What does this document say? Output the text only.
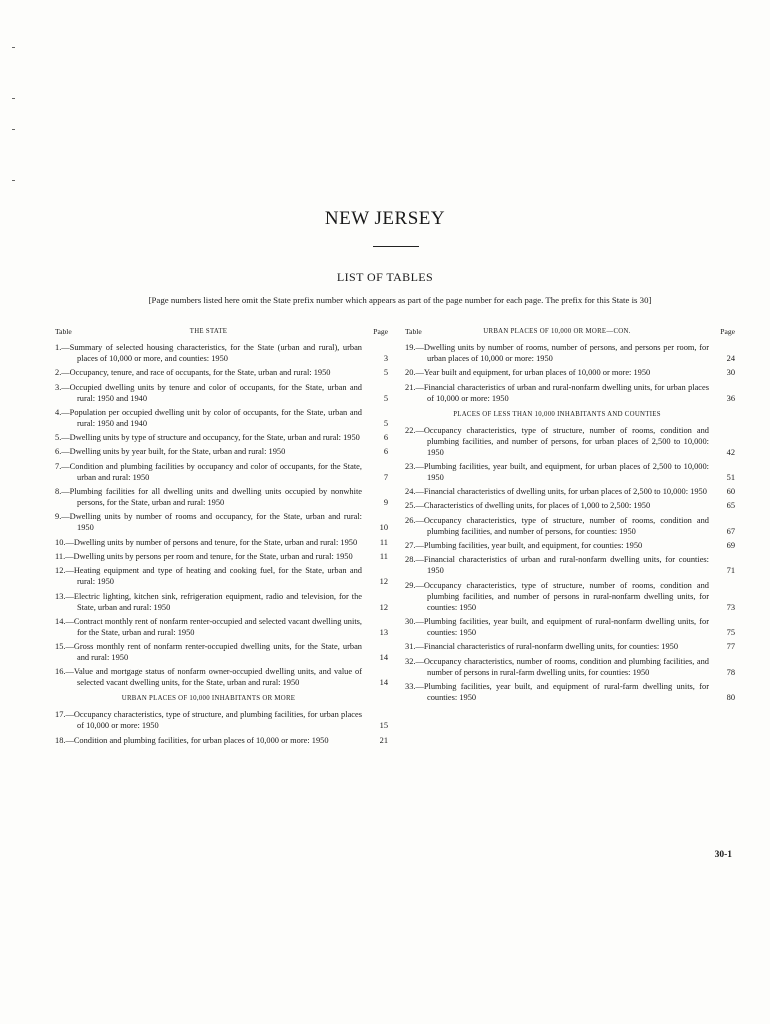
NEW JERSEY
LIST OF TABLES
[Page numbers listed here omit the State prefix number which appears as part of the page number for each page. The prefix for this State is 30]
Table	THE STATE	Page
1.—Summary of selected housing characteristics, for the State (urban and rural), urban places of 10,000 or more, and counties: 1950	3
2.—Occupancy, tenure, and race of occupants, for the State, urban and rural: 1950	5
3.—Occupied dwelling units by tenure and color of occupants, for the State, urban and rural: 1950 and 1940	5
4.—Population per occupied dwelling unit by color of occupants, for the State, urban and rural: 1950 and 1940	5
5.—Dwelling units by type of structure and occupancy, for the State, urban and rural: 1950	6
6.—Dwelling units by year built, for the State, urban and rural: 1950	6
7.—Condition and plumbing facilities by occupancy and color of occupants, for the State, urban and rural: 1950	7
8.—Plumbing facilities for all dwelling units and dwelling units occupied by nonwhite persons, for the State, urban and rural: 1950	9
9.—Dwelling units by number of rooms and occupancy, for the State, urban and rural: 1950	10
10.—Dwelling units by number of persons and tenure, for the State, urban and rural: 1950	11
11.—Dwelling units by persons per room and tenure, for the State, urban and rural: 1950	11
12.—Heating equipment and type of heating and cooking fuel, for the State, urban and rural: 1950	12
13.—Electric lighting, kitchen sink, refrigeration equipment, radio and television, for the State, urban and rural: 1950	12
14.—Contract monthly rent of nonfarm renter-occupied and selected vacant dwelling units, for the State, urban and rural: 1950	13
15.—Gross monthly rent of nonfarm renter-occupied dwelling units, for the State, urban and rural: 1950	14
16.—Value and mortgage status of nonfarm owner-occupied dwelling units, and value of selected vacant dwelling units, for the State, urban and rural: 1950	14
URBAN PLACES OF 10,000 INHABITANTS OR MORE
17.—Occupancy characteristics, type of structure, and plumbing facilities, for urban places of 10,000 or more: 1950	15
18.—Condition and plumbing facilities, for urban places of 10,000 or more: 1950	21
Table	URBAN PLACES OF 10,000 OR MORE—CON.	Page
19.—Dwelling units by number of rooms, number of persons, and persons per room, for urban places of 10,000 or more: 1950	24
20.—Year built and equipment, for urban places of 10,000 or more: 1950	30
21.—Financial characteristics of urban and rural-nonfarm dwelling units, for urban places of 10,000 or more: 1950	36
PLACES OF LESS THAN 10,000 INHABITANTS AND COUNTIES
22.—Occupancy characteristics, type of structure, number of rooms, condition and plumbing facilities, and number of persons, for urban places of 2,500 to 10,000: 1950	42
23.—Plumbing facilities, year built, and equipment, for urban places of 2,500 to 10,000: 1950	51
24.—Financial characteristics of dwelling units, for urban places of 2,500 to 10,000: 1950	60
25.—Characteristics of dwelling units, for places of 1,000 to 2,500: 1950	65
26.—Occupancy characteristics, type of structure, number of rooms, condition and plumbing facilities, and number of persons, for counties: 1950	67
27.—Plumbing facilities, year built, and equipment, for counties: 1950	69
28.—Financial characteristics of urban and rural-nonfarm dwelling units, for counties: 1950	71
29.—Occupancy characteristics, type of structure, number of rooms, condition and plumbing facilities, and number of persons in rural-nonfarm dwelling units, for counties: 1950	73
30.—Plumbing facilities, year built, and equipment of rural-nonfarm dwelling units, for counties: 1950	75
31.—Financial characteristics of rural-nonfarm dwelling units, for counties: 1950	77
32.—Occupancy characteristics, number of rooms, condition and plumbing facilities, and number of persons in rural-farm dwelling units, for counties: 1950	78
33.—Plumbing facilities, year built, and equipment of rural-farm dwelling units, for counties: 1950	80
30-1
